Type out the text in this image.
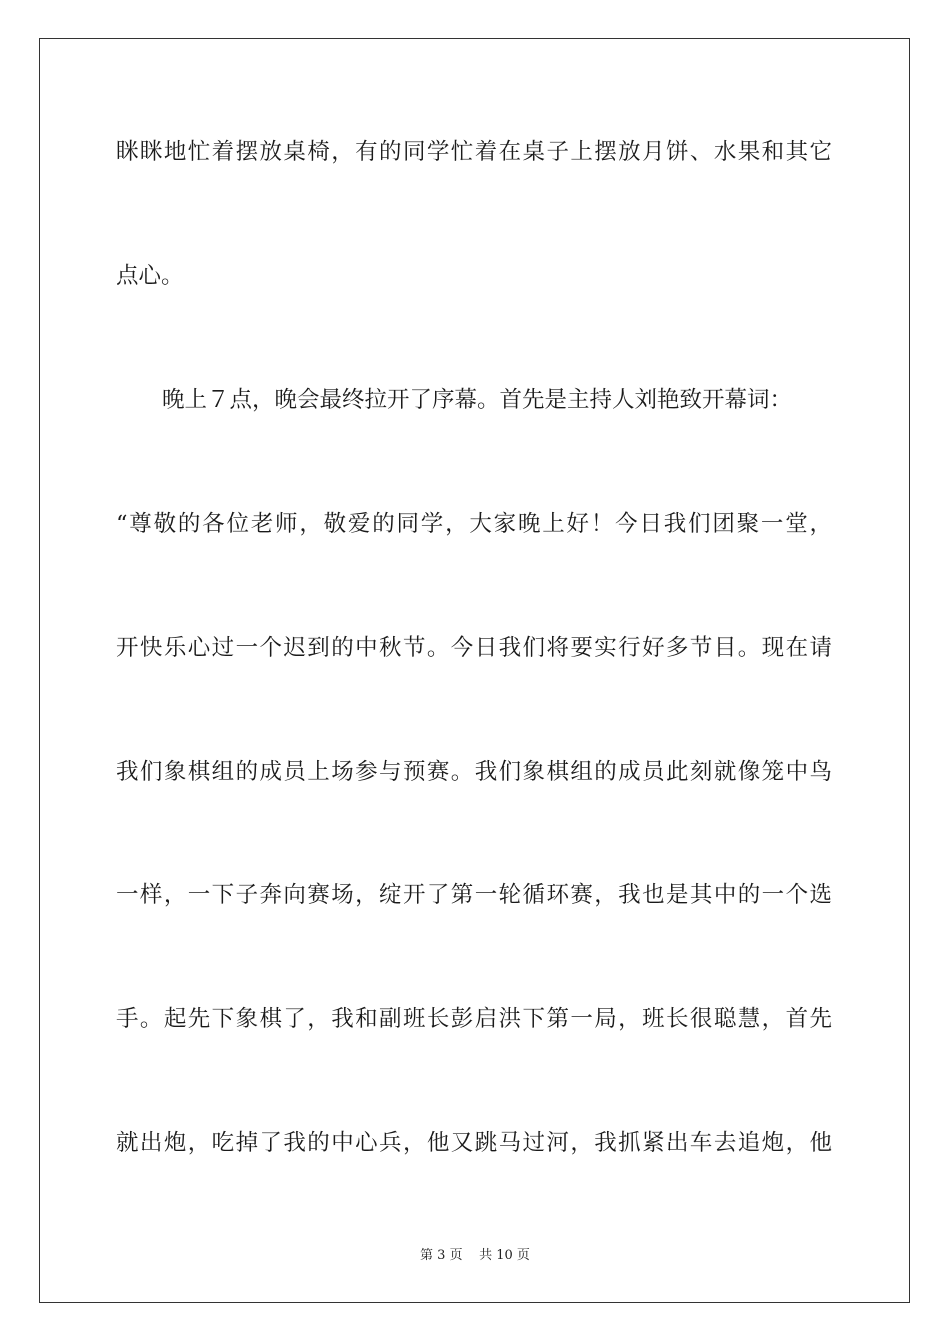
眯眯地忙着摆放桌椅，有的同学忙着在桌子上摆放月饼、水果和其它
点心。
晚上７点，晚会最终拉开了序幕。首先是主持人刘艳致开幕词：
“尊敬的各位老师，敬爱的同学，大家晚上好！今日我们团聚一堂，
开快乐心过一个迟到的中秋节。今日我们将要实行好多节目。现在请
我们象棋组的成员上场参与预赛。我们象棋组的成员此刻就像笼中鸟
一样，一下子奔向赛场，绽开了第一轮循环赛，我也是其中的一个选
手。起先下象棋了，我和副班长彭启洪下第一局，班长很聪慧，首先
就出炮，吃掉了我的中心兵，他又跳马过河，我抓紧出车去追炮，他
第 3 页 共 10 页
